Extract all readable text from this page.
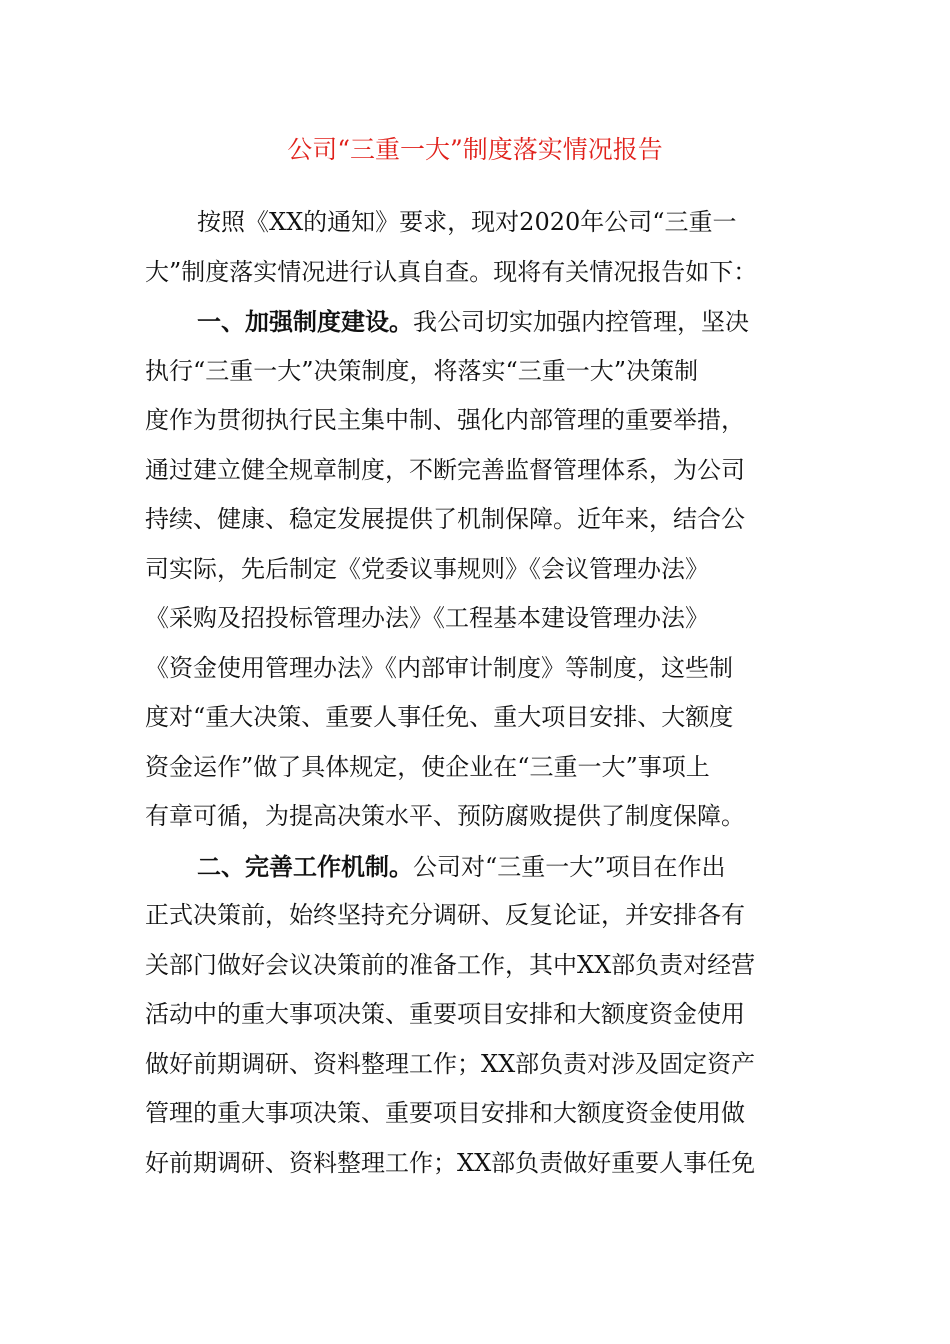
公司“三重一大”制度落实情况报告
按照《XX的通知》要求，现对2020年公司“三重一
大”制度落实情况进行认真自查。现将有关情况报告如下：
一、加强制度建设。我公司切实加强内控管理，坚决
执行“三重一大”决策制度，将落实“三重一大”决策制
度作为贯彻执行民主集中制、强化内部管理的重要举措，
通过建立健全规章制度，不断完善监督管理体系，为公司
持续、健康、稳定发展提供了机制保障。近年来，结合公
司实际，先后制定《党委议事规则》《会议管理办法》
《采购及招投标管理办法》《工程基本建设管理办法》
《资金使用管理办法》《内部审计制度》等制度，这些制
度对“重大决策、重要人事任免、重大项目安排、大额度
资金运作”做了具体规定，使企业在“三重一大”事项上
有章可循，为提高决策水平、预防腐败提供了制度保障。
二、完善工作机制。公司对“三重一大”项目在作出
正式决策前，始终坚持充分调研、反复论证，并安排各有
关部门做好会议决策前的准备工作，其中XX部负责对经营
活动中的重大事项决策、重要项目安排和大额度资金使用
做好前期调研、资料整理工作；XX部负责对涉及固定资产
管理的重大事项决策、重要项目安排和大额度资金使用做
好前期调研、资料整理工作；XX部负责做好重要人事任免
